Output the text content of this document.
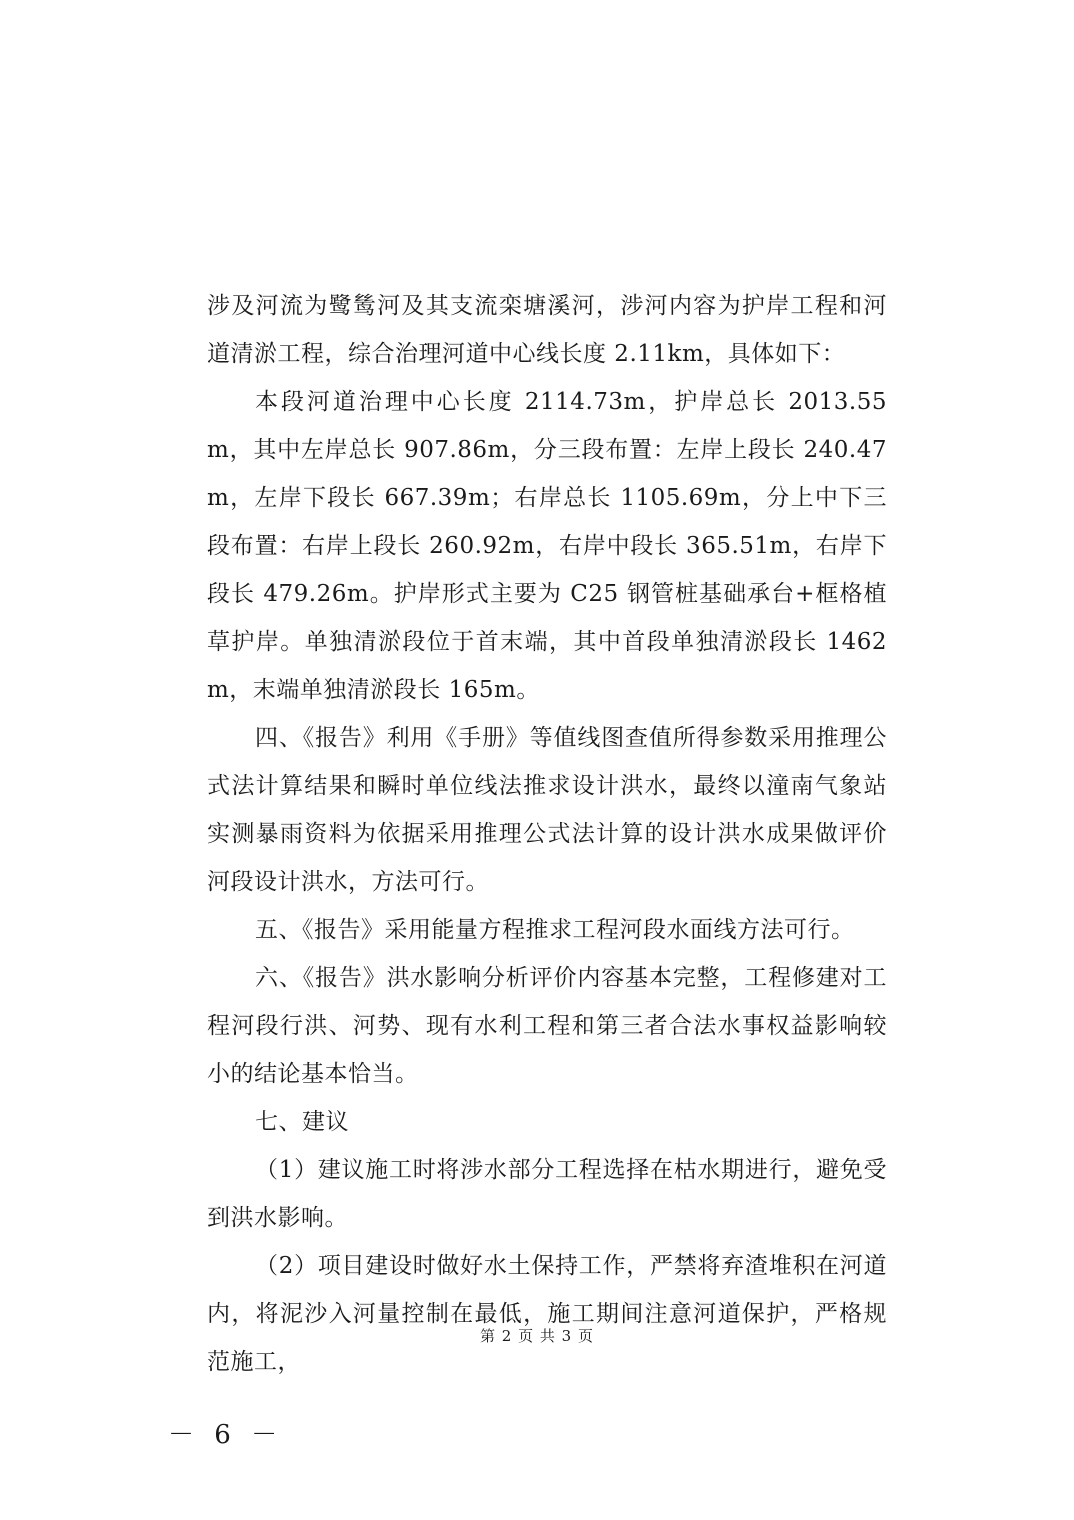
涉及河流为鹭鸶河及其支流栾塘溪河，涉河内容为护岸工程和河道清淤工程，综合治理河道中心线长度 2.11km，具体如下：

本段河道治理中心长度 2114.73m，护岸总长 2013.55m，其中左岸总长 907.86m，分三段布置：左岸上段长 240.47m，左岸下段长 667.39m；右岸总长 1105.69m，分上中下三段布置：右岸上段长 260.92m，右岸中段长 365.51m，右岸下段长 479.26m。护岸形式主要为 C25 钢管桩基础承台+框格植草护岸。单独清淤段位于首末端，其中首段单独清淤段长 1462m，末端单独清淤段长 165m。

四、《报告》利用《手册》等值线图查值所得参数采用推理公式法计算结果和瞬时单位线法推求设计洪水，最终以潼南气象站实测暴雨资料为依据采用推理公式法计算的设计洪水成果做评价河段设计洪水，方法可行。

五、《报告》采用能量方程推求工程河段水面线方法可行。

六、《报告》洪水影响分析评价内容基本完整，工程修建对工程河段行洪、河势、现有水利工程和第三者合法水事权益影响较小的结论基本恰当。

七、建议

（1）建议施工时将涉水部分工程选择在枯水期进行，避免受到洪水影响。

（2）项目建设时做好水土保持工作，严禁将弃渣堆积在河道内，将泥沙入河量控制在最低，施工期间注意河道保护，严格规范施工，

第 2 页 共 3 页
－ 6 －
